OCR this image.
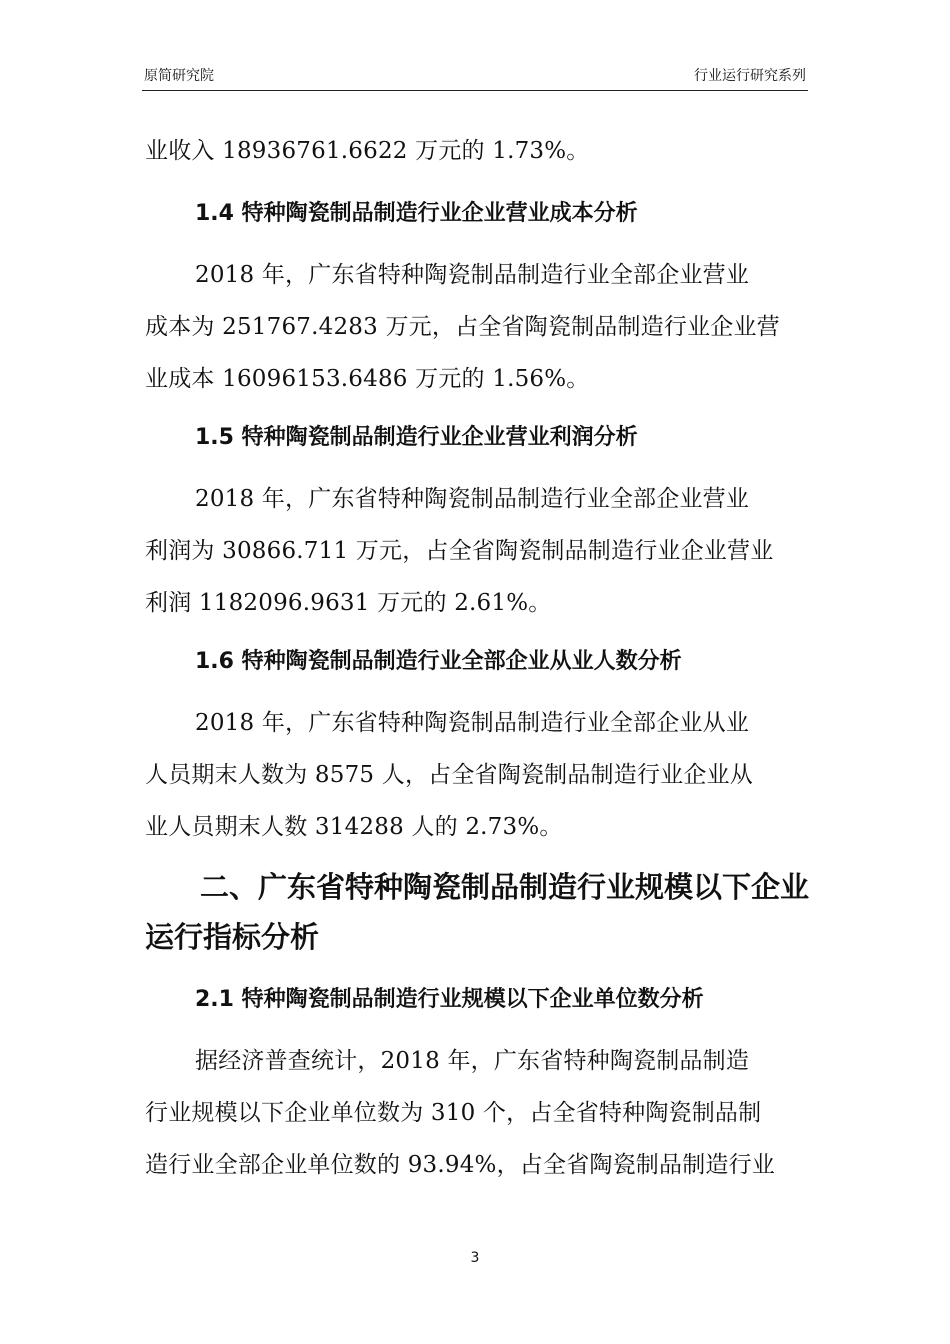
原简研究院	行业运行研究系列
业收入 18936761.6622 万元的 1.73%。
1.4 特种陶瓷制品制造行业企业营业成本分析
2018 年，广东省特种陶瓷制品制造行业全部企业营业
成本为 251767.4283 万元，占全省陶瓷制品制造行业企业营
业成本 16096153.6486 万元的 1.56%。
1.5 特种陶瓷制品制造行业企业营业利润分析
2018 年，广东省特种陶瓷制品制造行业全部企业营业
利润为 30866.711 万元，占全省陶瓷制品制造行业企业营业
利润 1182096.9631 万元的 2.61%。
1.6 特种陶瓷制品制造行业全部企业从业人数分析
2018 年，广东省特种陶瓷制品制造行业全部企业从业
人员期末人数为 8575 人，占全省陶瓷制品制造行业企业从
业人员期末人数 314288 人的 2.73%。
二、广东省特种陶瓷制品制造行业规模以下企业
运行指标分析
2.1 特种陶瓷制品制造行业规模以下企业单位数分析
据经济普查统计，2018 年，广东省特种陶瓷制品制造
行业规模以下企业单位数为 310 个，占全省特种陶瓷制品制
造行业全部企业单位数的 93.94%，占全省陶瓷制品制造行业
3
